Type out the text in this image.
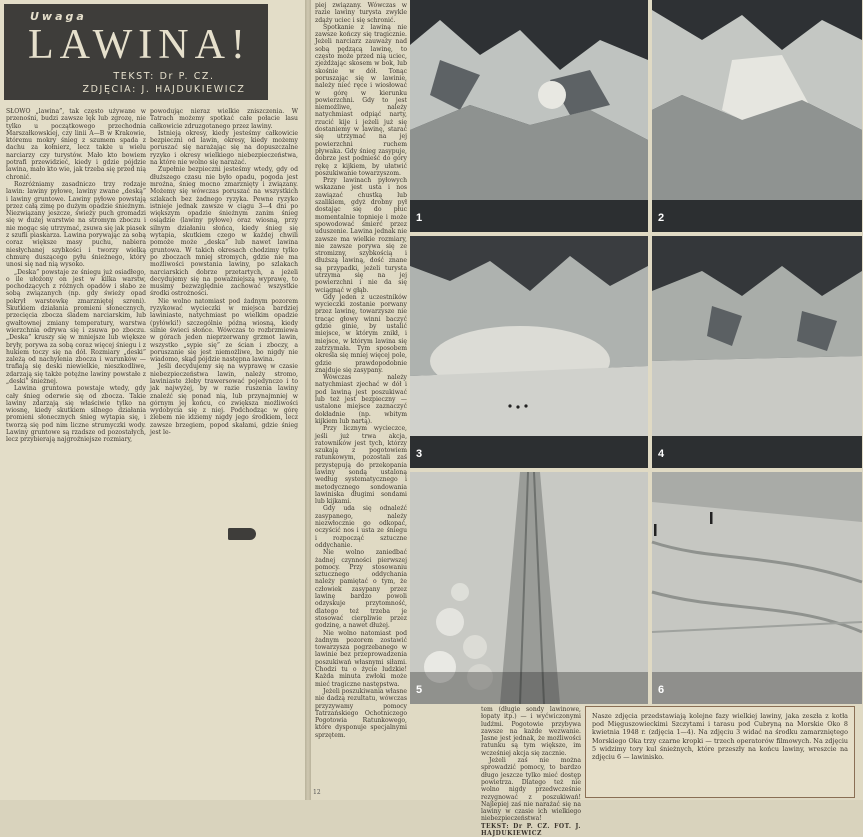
Uwaga
LAWINA!
TEKST: Dr P. CZ.
ZDJĘCIA: J. HAJDUKIEWICZ

SŁOWO „lawina”, tak często używane w przenośni, budzi zawsze lęk lub zgrozę, nie tylko u początkowego przechodnia Marszałkowskiej, czy linii A—B w Krakowie, któremu mokry śnieg z szumem spada z dachu za kołnierz, lecz także u wielu narciarzy czy turystów. Mało kto bowiem potrafi przewidzieć, kiedy i gdzie pójdzie lawina, mało kto wie, jak trzeba się przed nią chronić.

Rozróżniamy zasadniczo trzy rodzaje lawin: lawiny pyłowe, lawiny zwane „deską” i lawiny gruntowe. Lawiny pyłowe powstają przez całą zimę po dużym opadzie śnieżnym. Niezwiązany jeszcze, świeży puch gromadzi się w dużej warstwie na stromym zboczu i nie mogąc się utrzymać, zsuwa się jak piasek z szufli piaskarza. Lawina porywając za sobą coraz większe masy puchu, nabiera niesłychanej szybkości i tworzy wielką chmurę duszącego pyłu śnieżnego, który unosi się nad nią wysoko.

„Deska” powstaje ze śniegu już osiadłego, o ile ułożony on jest w kilka warstw, pochodzących z różnych opadów i słabo ze sobą związanych (np. gdy świeży opad pokrył warstewkę zmarzniętej szreni). Skutkiem działania promieni słonecznych, przecięcia zbocza śladem narciarskim, lub gwałtownej zmiany temperatury, warstwa wierzchnia odrywa się i zsuwa po zboczu. „Deska” kruszy się w mniejsze lub większe bryły, porywa za sobą coraz więcej śniegu i z hukiem toczy się na dół. Rozmiary „deski” zależą od nachylenia zbocza i warunków — trafiają się deski niewielkie, nieszkodliwe, zdarzają się także potężne lawiny powstałe z „deski” śnieżnej.

Lawina gruntowa powstaje wtedy, gdy cały śnieg oderwie się od zbocza. Takie lawiny zdarzają się właściwie tylko na wiosnę, kiedy skutkiem silnego działania promieni słonecznych śnieg wytapia się, i tworzą się pod nim liczne strumyczki wody. Lawiny gruntowe są rzadsze od pozostałych, lecz przybierają najgroźniejsze rozmiary,

powodując nieraz wielkie zniszczenia. W Tatrach możemy spotkać całe połacie lasu całkowicie zdruzgotanego przez lawiny.

Istnieją okresy, kiedy jesteśmy całkowicie bezpieczni od lawin, okresy, kiedy możemy poruszać się narażając się na dopuszczalne ryzyko i okresy wielkiego niebezpieczeństwa, na które nie wolno się narażać.

Zupełnie bezpieczni jesteśmy wtedy, gdy od dłuższego czasu nie było opadu, pogoda jest mroźna, śnieg mocno zmarznięty i związany. Możemy się wówczas poruszać na wszystkich szlakach bez żadnego ryzyka. Pewne ryzyko istnieje jednak zawsze w ciągu 3—4 dni po większym opadzie śnieżnym zanim śnieg osiądzie (lawiny pyłowe) oraz wiosną, przy silnym działaniu słońca, kiedy śnieg się wytapia, skutkiem czego w każdej chwili pomoże może „deska” lub nawet lawina gruntowa. W takich okresach chodzimy tylko po zboczach mniej stromych, gdzie nie ma możliwości powstania lawiny, po szlakach narciarskich dobrze przetartych, a jeżeli decydujemy się na poważniejszą wyprawę, to musimy bezwzględnie zachować wszystkie środki ostrożności.

Nie wolno natomiast pod żadnym pozorem ryzykować wycieczki w miejsca bardziej lawiniaste, natychmiast po wielkim opadzie (pyłówki!) szczególnie późną wiosną, kiedy silnie świeci słońce. Wówczas to rozbrzmiewa w górach jeden nieprzerwany grzmot lawin, wszystko „sypie się” ze ścian i zboczy, a poruszanie się jest niemożliwe, bo nigdy nie wiadomo, skąd pójdzie następna lawina.

Jeśli decydujemy się na wyprawę w czasie niebezpieczeństwa lawin, należy stromo, lawiniaste żleby trawersować pojedynczo i to jak najwyżej, by w razie ruszenia lawiny znaleźć się ponad nią, lub przynajmniej w górnym jej końcu, co zwiększa możliwości wydobycia się z niej. Podchodząc w górę żlebem nie idziemy nigdy jego środkiem, lecz zawsze brzegiem, popod skałami, gdzie śnieg jest le-

piej związany. Wówczas w razie lawiny turysta zwykle zdąży uciec i się schronić.

Spotkanie z lawiną nie zawsze kończy się tragicznie. Jeżeli narciarz zauważy nad sobą pędzącą lawinę, to często może przed nią uciec, zjeżdżając skosem w bok, lub skośnie w dół. Tonąc poruszając się w lawinie, należy nieć ręce i wiosłować w górę w kierunku powierzchni. Gdy to jest niemożliwe, należy natychmiast odpiąć narty, rzucić kije i jeżeli już się dostaniemy w lawinę, starać się utrzymać na jej powierzchni ruchem pływaka. Gdy śnieg zasypuje, dobrze jest podnieść do góry rękę z kijkiem, by ułatwić poszukiwanie towarzyszom.

Przy lawinach pyłowych wskazane jest usta i nos zawiązać chustką lub szalikiem, gdyż drobny pył dostając się do płuc momentalnie topnieje i może spowodować śmierć przez uduszenie. Lawina jednak nie zawsze ma wielkie rozmiary, nie zawsze porywa się ze stromizny, szybkością i dłuższą lawiną, dość znane są przypadki, jeżeli turysta utrzyma się na jej powierzchni i nie da się wciągnąć w głąb.

Gdy jeden z uczestników wycieczki zostanie porwany przez lawinę, towarzysze nie tracąc głowy winni baczyć gdzie ginie, by ustalić miejsce, w którym znikł, i miejsce, w którym lawina się zatrzymała. Tym sposobem określa się mniej więcej pole, gdzie prawdopodobnie znajduje się zasypany.

Wówczas należy natychmiast zjechać w dół i pod lawiną jest poszukiwać lub też jest bezpieczny — ustalone miejsce zaznaczyć dokładnie (np. wbitym kijkiem lub nartą).

Przy licznym wycieczce, jeśli już trwa akcja, ratowników jest tych, którzy szukają z pogotowiem ratunkowym, pozostali zaś przystępują do przekopania lawiny sondą ustaloną według systematycznego i metodycznego sondowania lawiniska długimi sondami lub kijkami.

Gdy uda się odnaleźć zasypanego, należy niezwłocznie go odkopać, oczyścić nos i usta ze śniegu i rozpocząć sztuczne oddychanie.

Nie wolno zaniedbać żadnej czynności pierwszej pomocy. Przy stosowaniu sztucznego oddychania należy pamiętać o tym, że człowiek zasypany przez lawinę bardzo powoli odzyskuje przytomność, dlatego też trzeba je stosować cierpliwie przez godzinę, a nawet dłużej.

Nie wolno natomiast pod żadnym pozorem zostawić towarzysza pogrzebanego w lawinie bez przeprowadzenia poszukiwań własnymi siłami. Chodzi tu o życie ludzkie! Każda minuta zwłoki może mieć tragiczne następstwa.

Jeżeli poszukiwania własne nie dadzą rezultatu, wówczas przyzywamy pomocy Tatrzańskiego Ochotniczego Pogotowia Ratunkowego, które dysponuje specjalnymi sprzętem.

tem (długie sondy lawinowe, łopaty itp.) — i wyćwiczonymi ludźmi. Pogotowie przybywa zawsze na każde wezwanie. Jasne jest jednak, że możliwości ratunku są tym większe, im wcześniej akcja się zacznie.

Jeżeli zaś nie można sprowadzić pomocy, to bardzo długo jeszcze tylko mieć dostęp powietrza. Dlatego też nie wolno nigdy przedwcześnie rezygnować z poszukiwań! Najlepiej zaś nie narażać się na lawiny w czasie ich wielkiego niebezpieczeństwa!

TEKST: Dr P. CZ. FOT. J. HAJDUKIEWICZ
1	2
3	4
5	6
Nasze zdjęcia przedstawiają kolejne fazy wielkiej lawiny, jaka zeszła z kotła pod Mięguszowieckimi Szczytami i tarasu pod Cubryną na Morskie Oko 8 kwietnia 1948 r. (zdjęcia 1—4). Na zdjęciu 3 widać na środku zamarzniętego Morskiego Oka trzy czarne kropki — trzech operatorów filmowych. Na zdjęciu 5 widzimy tory kul śnieżnych, które przeszły na końcu lawiny, wreszcie na zdjęciu 6 — lawinisko.
12
